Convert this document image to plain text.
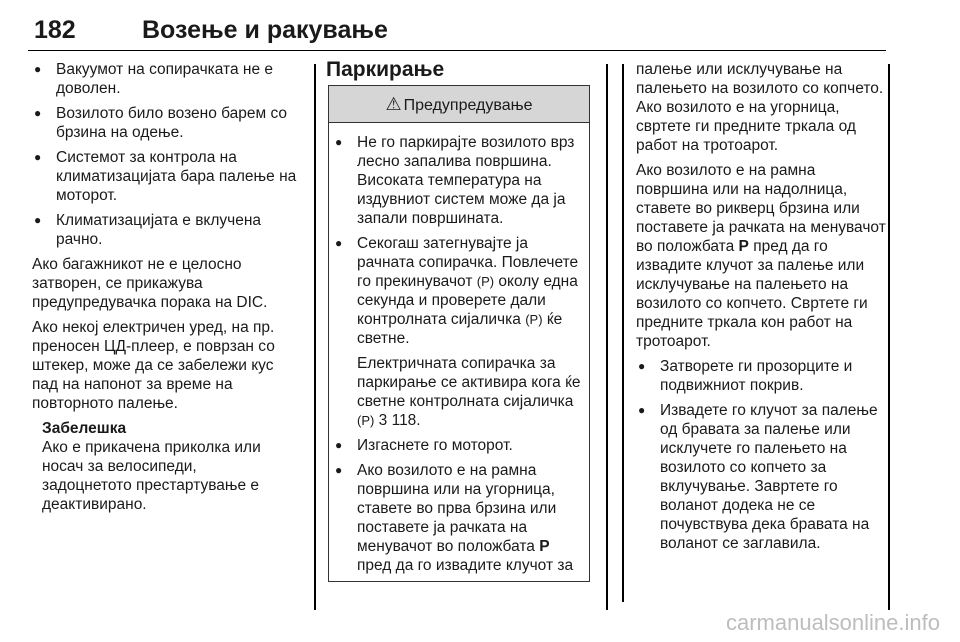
182	Возење и ракување
● Вакуумот на сопирачката не е доволен.
● Возилото било возено барем со брзина на одење.
● Системот за контрола на климатизацијата бара палење на моторот.
● Климатизацијата е вклучена рачно.

Ако багажникот не е целосно затворен, се прикажува предупредувачка порака на DIC.

Ако некој електричен уред, на пр. преносен ЦД-плеер, е поврзан со штекер, може да се забележи кус пад на напонот за време на повторното палење.

Забелешка
Ако е прикачена приколка или носач за велосипеди,
задоцнетото престартување е деактивирано.
Паркирање
⚠ Предупредување
● Не го паркирајте возилото врз лесно запалива површина. Високата температура на издувниот систем може да ја запали површината.
● Секогаш затегнувајте ја рачната сопирачка. Повлечете го прекинувачот (P) околу една секунда и проверете дали контролната сијаличка (P) ќе светне.

Електричната сопирачка за паркирање се активира кога ќе светне контролната сијаличка (P) 3 118.

● Изгаснете го моторот.
● Ако возилото е на рамна површина или на угорница, ставете во прва брзина или поставете ја рачката на менувачот во положбата P пред да го извадите клучот за

палење или исклучување на палењето на возилото со копчето. Ако возилото е на угорница, свртете ги предните тркала од работ на тротоарот.

Ако возилото е на рамна површина или на надолница, ставете во рикверц брзина или поставете ја рачката на менувачот во положбата P пред да го извадите клучот за палење или исклучување на палењето на возилото со копчето. Свртете ги предните тркала кон работ на тротоарот.

● Затворете ги прозорците и подвижниот покрив.
● Извадете го клучот за палење од бравата за палење или исклучете го палењето на возилото со копчето за вклучување. Завртете го воланот додека не се почувствува дека бравата на воланот се заглавила.
carmanualsonline.info
